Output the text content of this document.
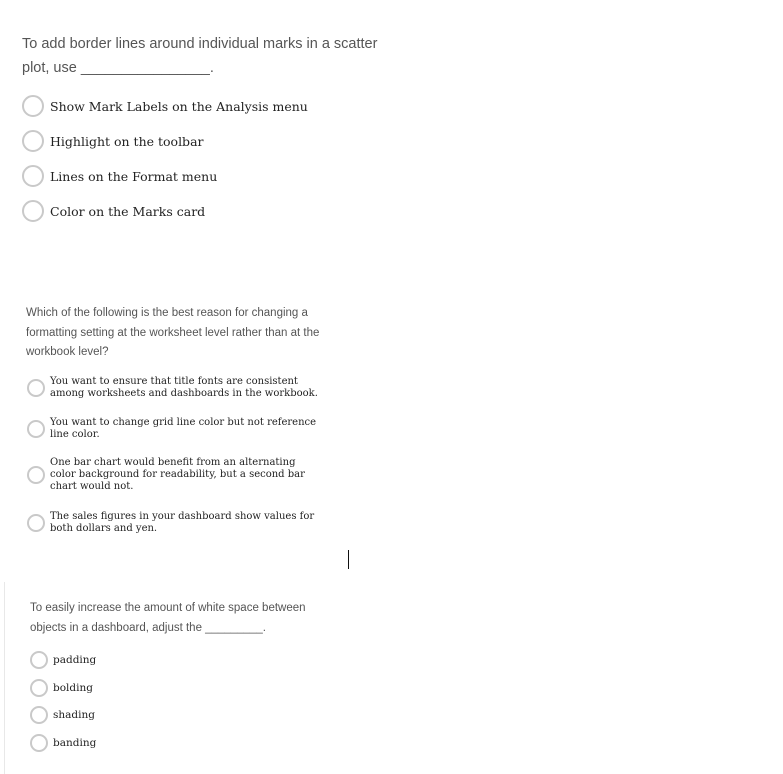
To add border lines around individual marks in a scatter plot, use ________________.

Show Mark Labels on the Analysis menu
Highlight on the toolbar
Lines on the Format menu
Color on the Marks card

Which of the following is the best reason for changing a formatting setting at the worksheet level rather than at the workbook level?

You want to ensure that title fonts are consistent among worksheets and dashboards in the workbook.
You want to change grid line color but not reference line color.
One bar chart would benefit from an alternating color background for readability, but a second bar chart would not.
The sales figures in your dashboard show values for both dollars and yen.

To easily increase the amount of white space between objects in a dashboard, adjust the _________.

padding
bolding
shading
banding
